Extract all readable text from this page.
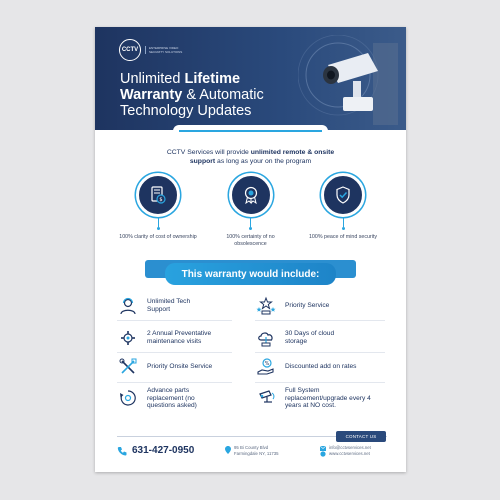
CCTV	ENTERPRISE VIDEO SECURITY SOLUTIONS
Unlimited Lifetime
Warranty & Automatic
Technology Updates
CCTV Services will provide unlimited remote & onsite
support as long as your on the program
$
100% clarity of cost of ownership	100% certainty of no obsolescence
100% peace of mind security
This warranty would include:
Unlimited Tech Support
Priority Service
2 Annual Preventative maintenance visits
30 Days of cloud storage
Priority Onsite Service	% Discounted add on rates
Advance parts replacement (no questions asked)
Full System replacement/upgrade every 4 years at NO cost.
CONTACT US
631-427-0950	95 Bi County Blvd
Farmingdale NY, 11735
info@cctvservices.net
www.cctvservices.net
